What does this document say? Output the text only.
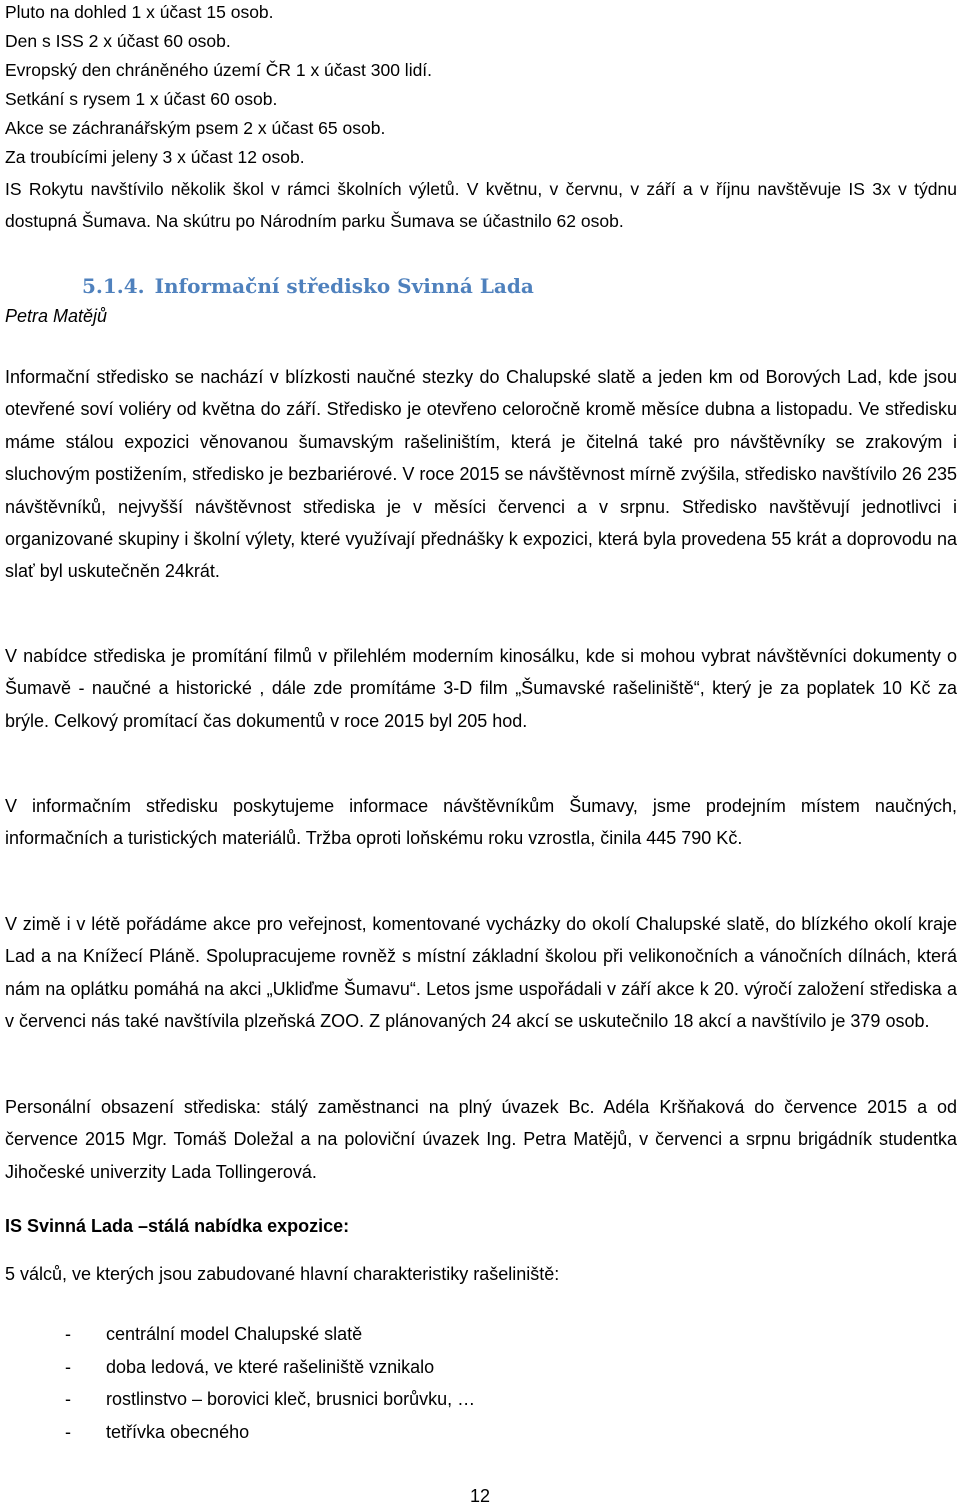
Pluto na dohled 1 x účast 15 osob.
Den s ISS 2 x účast 60 osob.
Evropský den chráněného území ČR 1 x účast 300 lidí.
Setkání s rysem 1 x účast 60 osob.
Akce se záchranářským psem 2 x účast 65 osob.
Za troubícími jeleny 3 x účast 12 osob.
IS Rokytu navštívilo několik škol v rámci školních výletů. V květnu, v červnu, v září a v říjnu navštěvuje IS 3x v týdnu dostupná Šumava. Na skútru po Národním parku Šumava se účastnilo 62 osob.
5.1.4. Informační středisko Svinná Lada
Petra Matějů

Informační středisko se nachází v blízkosti naučné stezky do Chalupské slatě a jeden km od Borových Lad, kde jsou otevřené soví voliéry od května do září. Středisko je otevřeno celoročně kromě měsíce dubna a listopadu. Ve středisku máme stálou expozici věnovanou šumavským rašeliništím, která je čitelná také pro návštěvníky se zrakovým i sluchovým postižením, středisko je bezbariérové. V roce 2015 se návštěvnost mírně zvýšila, středisko navštívilo 26 235 návštěvníků, nejvyšší návštěvnost střediska je v měsíci červenci a v srpnu. Středisko navštěvují jednotlivci i organizované skupiny i školní výlety, které využívají přednášky k expozici, která byla provedena 55 krát a doprovodu na slať byl uskutečněn 24krát.

V nabídce střediska je promítání filmů v přilehlém moderním kinosálku, kde si mohou vybrat návštěvníci dokumenty o Šumavě - naučné a historické , dále zde promítáme 3-D film „Šumavské rašeliniště“, který je za poplatek 10 Kč za brýle. Celkový promítací čas dokumentů v roce 2015 byl 205 hod.

V informačním středisku poskytujeme informace návštěvníkům Šumavy, jsme prodejním místem naučných, informačních a turistických materiálů. Tržba oproti loňskému roku vzrostla, činila 445 790 Kč.

V zimě i v létě pořádáme akce pro veřejnost, komentované vycházky do okolí Chalupské slatě, do blízkého okolí kraje Lad a na Knížecí Pláně. Spolupracujeme rovněž s místní základní školou při velikonočních a vánočních dílnách, která nám na oplátku pomáhá na akci „Ukliďme Šumavu“. Letos jsme uspořádali v září akce k 20. výročí založení střediska a v červenci nás také navštívila plzeňská ZOO. Z plánovaných 24 akcí se uskutečnilo 18 akcí a navštívilo je 379 osob.

Personální obsazení střediska: stálý zaměstnanci na plný úvazek Bc. Adéla Kršňaková do července 2015 a od července 2015 Mgr. Tomáš Doležal a na poloviční úvazek Ing. Petra Matějů, v červenci a srpnu brigádník studentka Jihočeské univerzity Lada Tollingerová.

IS Svinná Lada –stálá nabídka expozice:
5 válců, ve kterých jsou zabudované hlavní charakteristiky rašeliniště:
- centrální model Chalupské slatě
- doba ledová, ve které rašeliniště vznikalo
- rostlinstvo – borovici kleč, brusnici borůvku, …
- tetřívka obecného
12
